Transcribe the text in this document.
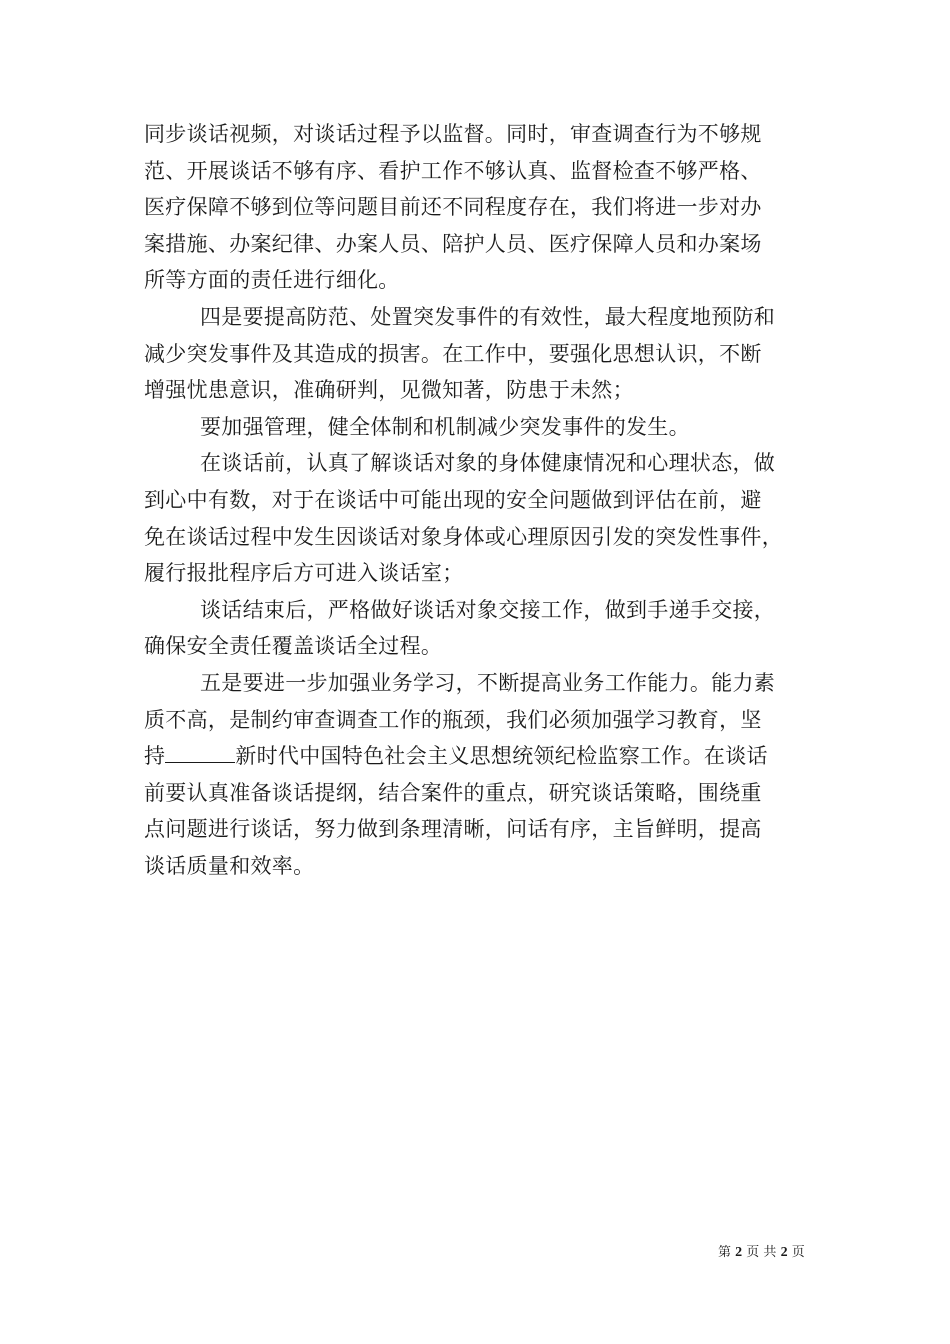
同步谈话视频，对谈话过程予以监督。同时，审查调查行为不够规
范、开展谈话不够有序、看护工作不够认真、监督检查不够严格、
医疗保障不够到位等问题目前还不同程度存在，我们将进一步对办
案措施、办案纪律、办案人员、陪护人员、医疗保障人员和办案场
所等方面的责任进行细化。
四是要提高防范、处置突发事件的有效性，最大程度地预防和
减少突发事件及其造成的损害。在工作中，要强化思想认识，不断
增强忧患意识，准确研判，见微知著，防患于未然；
要加强管理，健全体制和机制减少突发事件的发生。
在谈话前，认真了解谈话对象的身体健康情况和心理状态，做
到心中有数，对于在谈话中可能出现的安全问题做到评估在前，避
免在谈话过程中发生因谈话对象身体或心理原因引发的突发性事件，
履行报批程序后方可进入谈话室；
谈话结束后，严格做好谈话对象交接工作，做到手递手交接，
确保安全责任覆盖谈话全过程。
五是要进一步加强业务学习，不断提高业务工作能力。能力素
质不高，是制约审查调查工作的瓶颈，我们必须加强学习教育，坚
持	新时代中国特色社会主义思想统领纪检监察工作。在谈话
前要认真准备谈话提纲，结合案件的重点，研究谈话策略，围绕重
点问题进行谈话，努力做到条理清晰，问话有序，主旨鲜明，提高
谈话质量和效率。
第 2 页 共 2 页
